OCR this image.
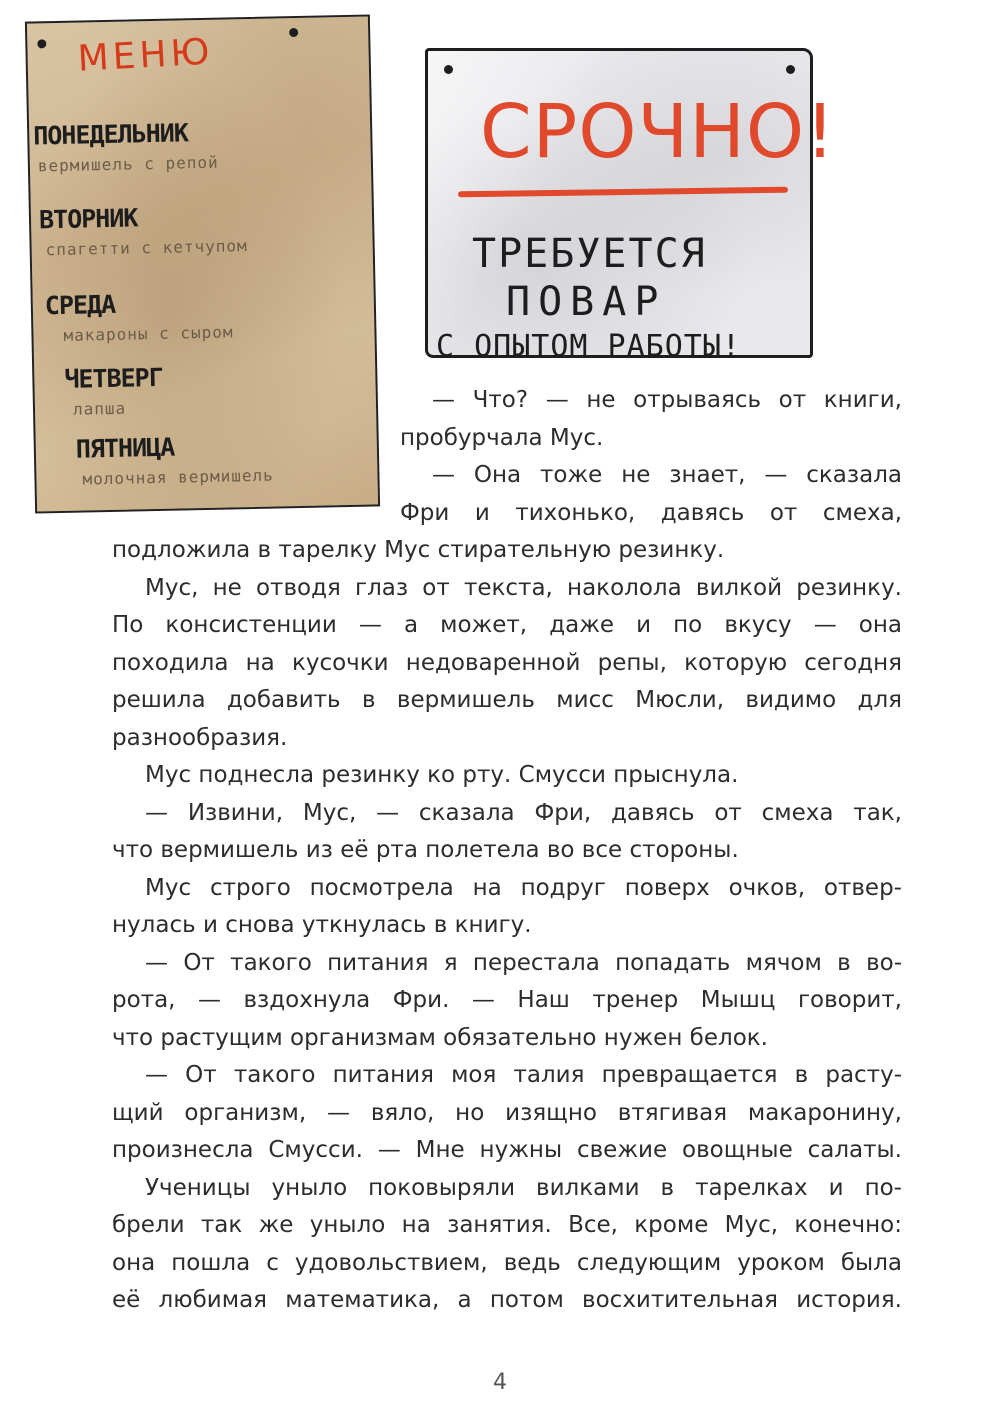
МЕНЮ
ПОНЕДЕЛЬНИК
вермишель с репой
ВТОРНИК
спагетти с кетчупом
СРЕДА
макароны с сыром
ЧЕТВЕРГ
лапша
ПЯТНИЦА
молочная вермишель
СРОЧНО!
ТРЕБУЕТСЯ
ПОВАР
С ОПЫТОМ РАБОТЫ!
— Что? — не отрываясь от книги,
пробурчала Мус.
— Она тоже не знает, — сказала
Фри и тихонько, давясь от смеха,
подложила в тарелку Мус стирательную резинку.
Мус, не отводя глаз от текста, наколола вилкой резинку.
По консистенции — а может, даже и по вкусу — она
походила на кусочки недоваренной репы, которую сегодня
решила добавить в вермишель мисс Мюсли, видимо для
разнообразия.
Мус поднесла резинку ко рту. Смусси прыснула.
— Извини, Мус, — сказала Фри, давясь от смеха так,
что вермишель из её рта полетела во все стороны.
Мус строго посмотрела на подруг поверх очков, отвер-
нулась и снова уткнулась в книгу.
— От такого питания я перестала попадать мячом в во-
рота, — вздохнула Фри. — Наш тренер Мышц говорит,
что растущим организмам обязательно нужен белок.
— От такого питания моя талия превращается в расту-
щий организм, — вяло, но изящно втягивая макаронину,
произнесла Смусси. — Мне нужны свежие овощные салаты.
Ученицы уныло поковыряли вилками в тарелках и по-
брели так же уныло на занятия. Все, кроме Мус, конечно:
она пошла с удовольствием, ведь следующим уроком была
её любимая математика, а потом восхитительная история.
4
